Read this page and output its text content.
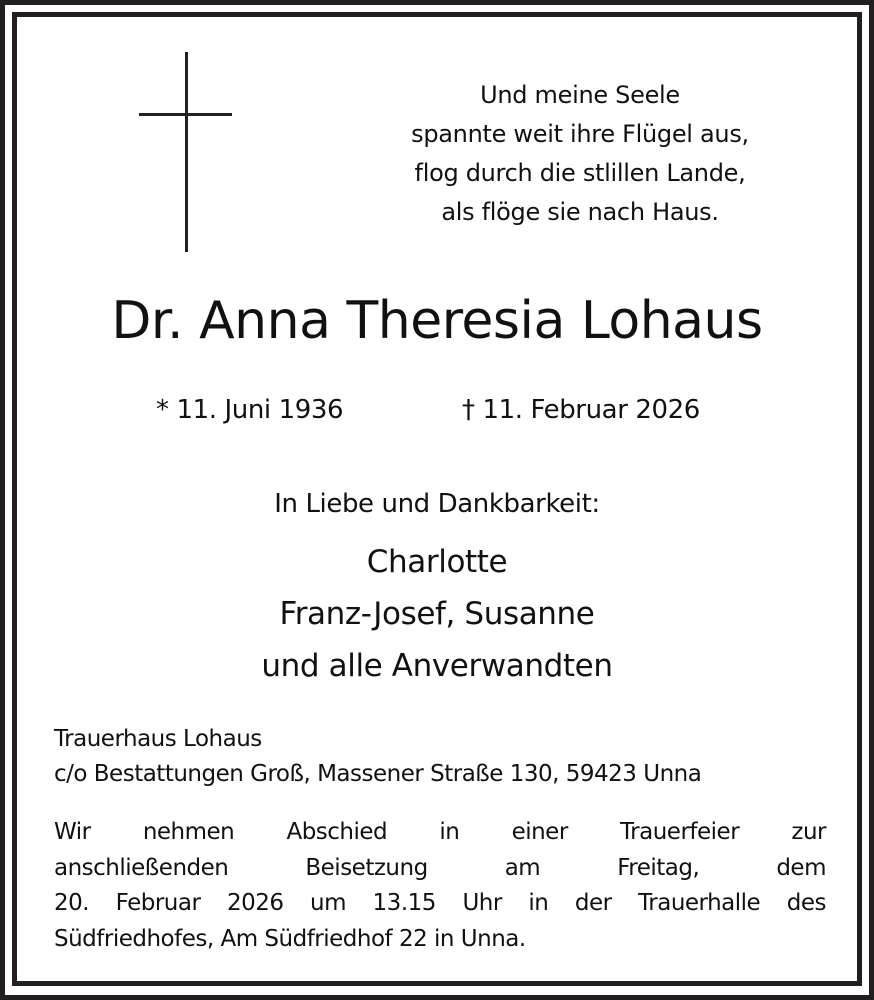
Und meine Seele
spannte weit ihre Flügel aus,
flog durch die stlillen Lande,
als flöge sie nach Haus.
Dr. Anna Theresia Lohaus
* 11. Juni 1936	† 11. Februar 2026
In Liebe und Dankbarkeit:
Charlotte
Franz-Josef, Susanne
und alle Anverwandten
Trauerhaus Lohaus
c/o Bestattungen Groß, Massener Straße 130, 59423 Unna
Wir nehmen Abschied in einer Trauerfeier zur
anschließenden	Beisetzung	am	Freitag,	dem
20. Februar 2026 um 13.15 Uhr in der Trauerhalle des
Südfriedhofes, Am Südfriedhof 22 in Unna.
